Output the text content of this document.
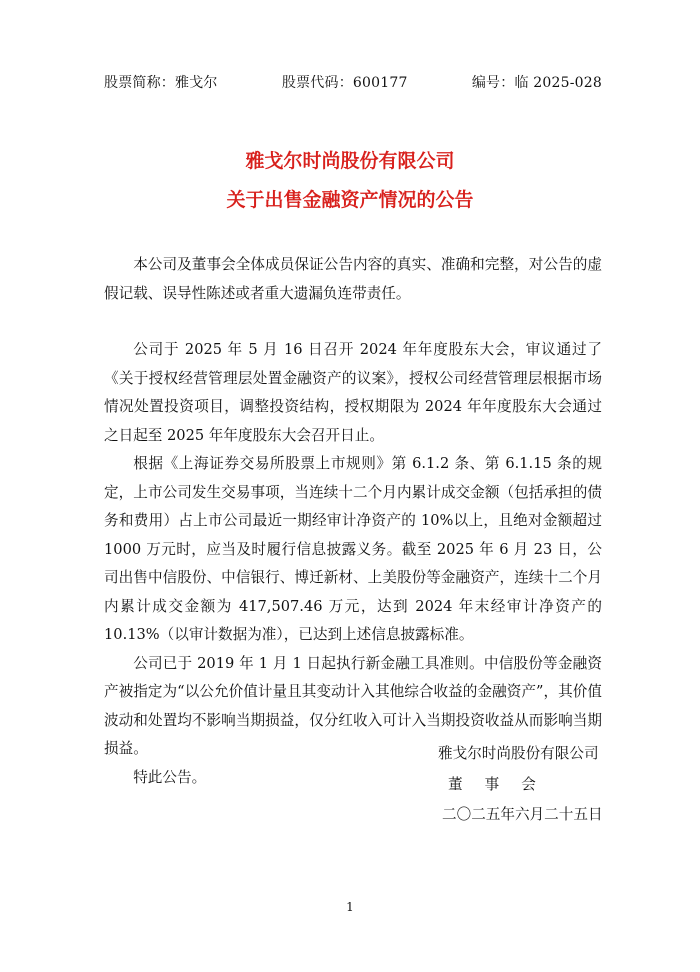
股票简称：雅戈尔	股票代码：600177	编号：临 2025-028
雅戈尔时尚股份有限公司
关于出售金融资产情况的公告

本公司及董事会全体成员保证公告内容的真实、准确和完整，对公告的虚假记载、误导性陈述或者重大遗漏负连带责任。

公司于 2025 年 5 月 16 日召开 2024 年年度股东大会，审议通过了《关于授权经营管理层处置金融资产的议案》，授权公司经营管理层根据市场情况处置投资项目，调整投资结构，授权期限为 2024 年年度股东大会通过之日起至 2025 年年度股东大会召开日止。

根据《上海证券交易所股票上市规则》第 6.1.2 条、第 6.1.15 条的规定，上市公司发生交易事项，当连续十二个月内累计成交金额（包括承担的债务和费用）占上市公司最近一期经审计净资产的 10%以上，且绝对金额超过 1000 万元时，应当及时履行信息披露义务。截至 2025 年 6 月 23 日，公司出售中信股份、中信银行、博迁新材、上美股份等金融资产，连续十二个月内累计成交金额为 417,507.46 万元，达到 2024 年末经审计净资产的 10.13%（以审计数据为准），已达到上述信息披露标准。

公司已于 2019 年 1 月 1 日起执行新金融工具准则。中信股份等金融资产被指定为“以公允价值计量且其变动计入其他综合收益的金融资产”，其价值波动和处置均不影响当期损益，仅分红收入可计入当期投资收益从而影响当期损益。

特此公告。

雅戈尔时尚股份有限公司
董事会
二〇二五年六月二十五日
1
